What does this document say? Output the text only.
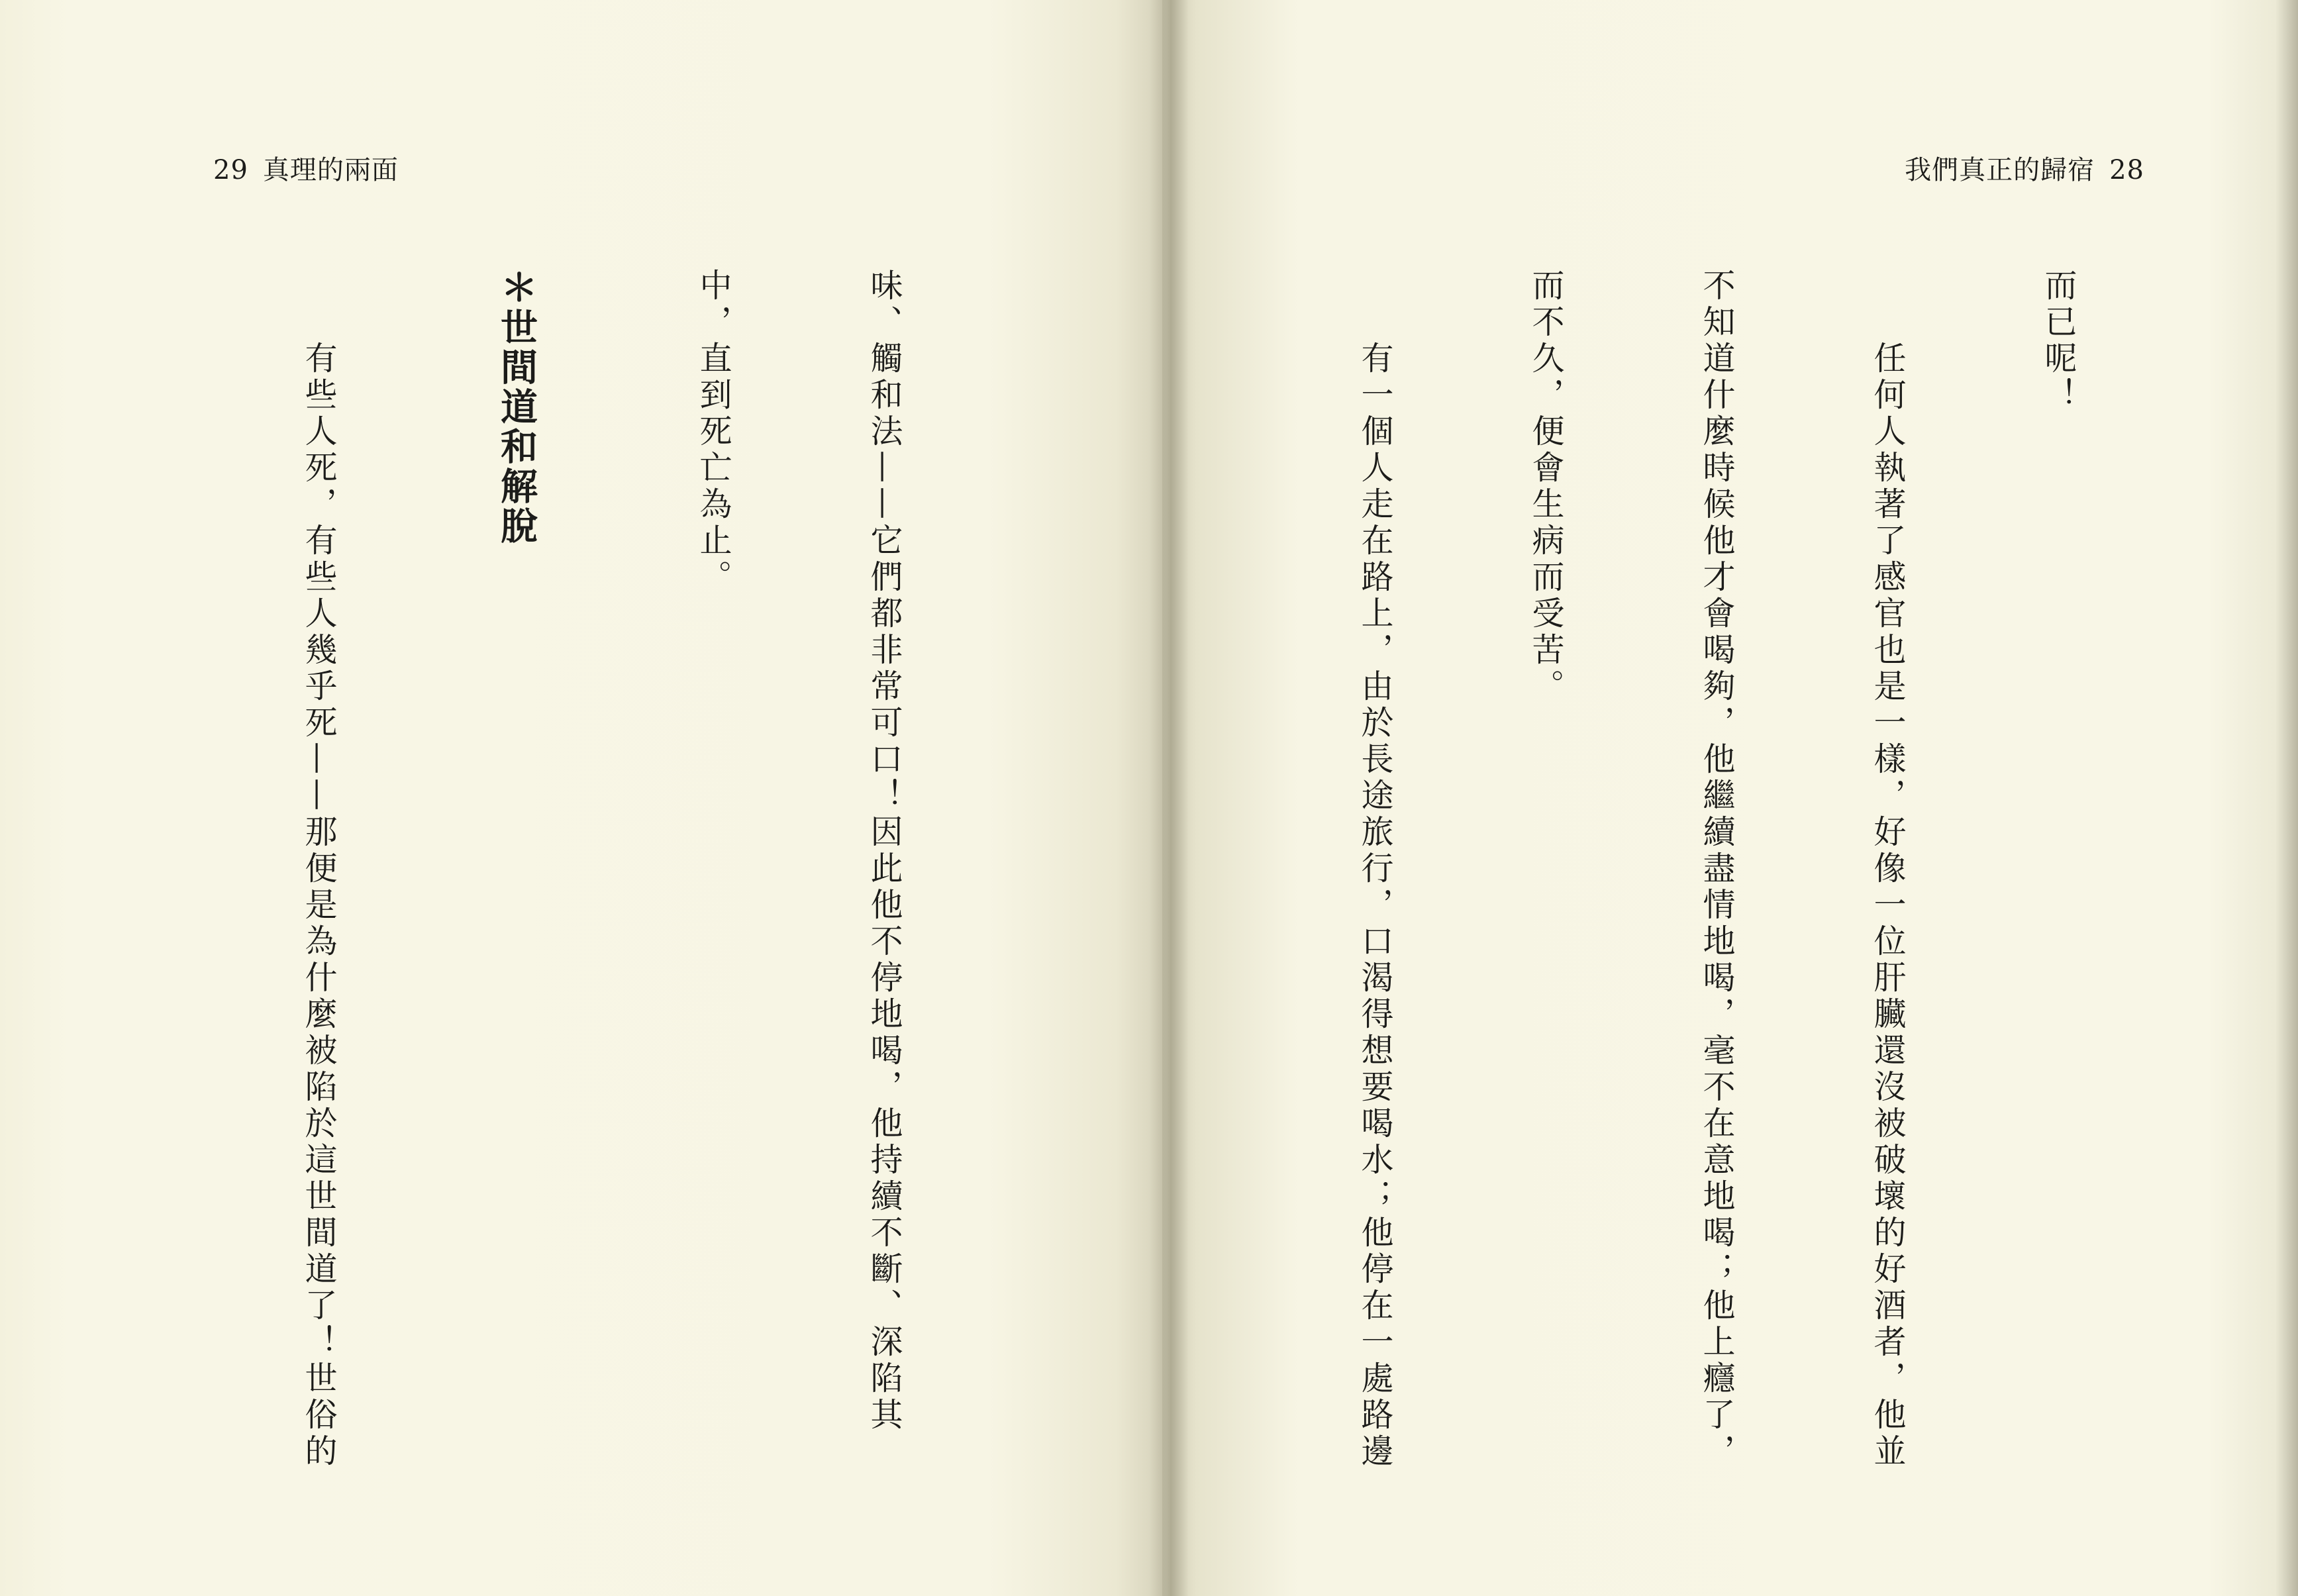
29 真理的兩面

味、觸和法——它們都非常可口！因此他不停地喝，他持續不斷、深陷其

中，直到死亡為止。

＊世間道和解脫

　　有些人死，有些人幾乎死——那便是為什麼被陷於這世間道了！世俗的

我們真正的歸宿 28

而已呢！

　　任何人執著了感官也是一樣，好像一位肝臟還沒被破壞的好酒者，他並

不知道什麼時候他才會喝夠，他繼續盡情地喝，毫不在意地喝；他上癮了，

而不久，便會生病而受苦。

　　有一個人走在路上，由於長途旅行，口渴得想要喝水；他停在一處路邊
